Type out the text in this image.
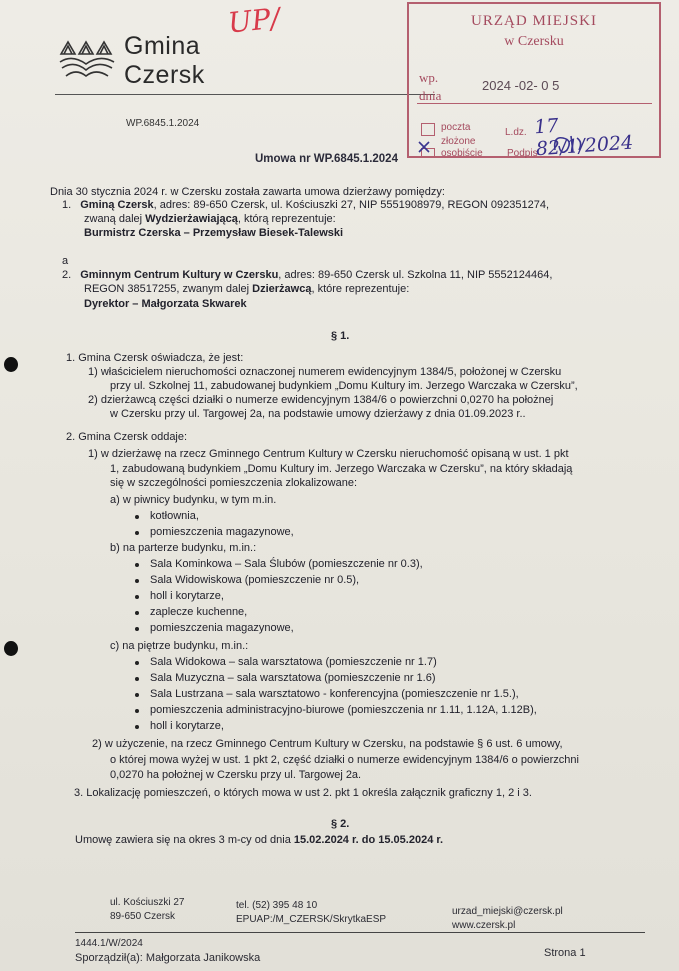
Gmina
Czersk
WP.6845.1.2024
UP/	URZĄD MIEJSKI
w Czersku
wp.
dnia
2024 -02- 0 5
poczta
złożone
osobiście
L.dz.
Podpis
17 82/1/2024
Umowa nr WP.6845.1.2024
Dnia 30 stycznia 2024 r. w Czersku została zawarta umowa dzierżawy pomiędzy:
1. Gminą Czersk, adres: 89-650 Czersk, ul. Kościuszki 27, NIP 5551908979, REGON 092351274,
zwaną dalej Wydzierżawiającą, którą reprezentuje:
Burmistrz Czerska – Przemysław Biesek-Talewski
a
2. Gminnym Centrum Kultury w Czersku, adres: 89-650 Czersk ul. Szkolna 11, NIP 5552124464,
REGON 38517255, zwanym dalej Dzierżawcą, które reprezentuje:
Dyrektor – Małgorzata Skwarek
§ 1.
1. Gmina Czersk oświadcza, że jest:
1) właścicielem nieruchomości oznaczonej numerem ewidencyjnym 1384/5, położonej w Czersku
przy ul. Szkolnej 11, zabudowanej budynkiem „Domu Kultury im. Jerzego Warczaka w Czersku”,
2) dzierżawcą części działki o numerze ewidencyjnym 1384/6 o powierzchni 0,0270 ha położnej
w Czersku przy ul. Targowej 2a, na podstawie umowy dzierżawy z dnia 01.09.2023 r..
2. Gmina Czersk oddaje:
1) w dzierżawę na rzecz Gminnego Centrum Kultury w Czersku nieruchomość opisaną w ust. 1 pkt
1, zabudowaną budynkiem „Domu Kultury im. Jerzego Warczaka w Czersku”, na który składają
się w szczególności pomieszczenia zlokalizowane:
a) w piwnicy budynku, w tym m.in.
kotłownia,
pomieszczenia magazynowe,
b) na parterze budynku, m.in.:
Sala Kominkowa – Sala Ślubów (pomieszczenie nr 0.3),
Sala Widowiskowa (pomieszczenie nr 0.5),
holl i korytarze,
zaplecze kuchenne,
pomieszczenia magazynowe,
c) na piętrze budynku, m.in.:
Sala Widokowa – sala warsztatowa (pomieszczenie nr 1.7)
Sala Muzyczna – sala warsztatowa (pomieszczenie nr 1.6)
Sala Lustrzana – sala warsztatowo - konferencyjna (pomieszczenie nr 1.5.),
pomieszczenia administracyjno-biurowe (pomieszczenia nr 1.11, 1.12A, 1.12B),
holl i korytarze,
2) w użyczenie, na rzecz Gminnego Centrum Kultury w Czersku, na podstawie § 6 ust. 6 umowy,
o której mowa wyżej w ust. 1 pkt 2, część działki o numerze ewidencyjnym 1384/6 o powierzchni
0,0270 ha położnej w Czersku przy ul. Targowej 2a.
3. Lokalizację pomieszczeń, o których mowa w ust 2. pkt 1 określa załącznik graficzny 1, 2 i 3.
§ 2.
Umowę zawiera się na okres 3 m-cy od dnia 15.02.2024 r. do 15.05.2024 r.
ul. Kościuszki 27
89-650 Czersk
tel. (52) 395 48 10
EPUAP:/M_CZERSK/SkrytkaESP
urzad_miejski@czersk.pl
www.czersk.pl
1444.1/W/2024
Sporządził(a): Małgorzata Janikowska	Strona 1
